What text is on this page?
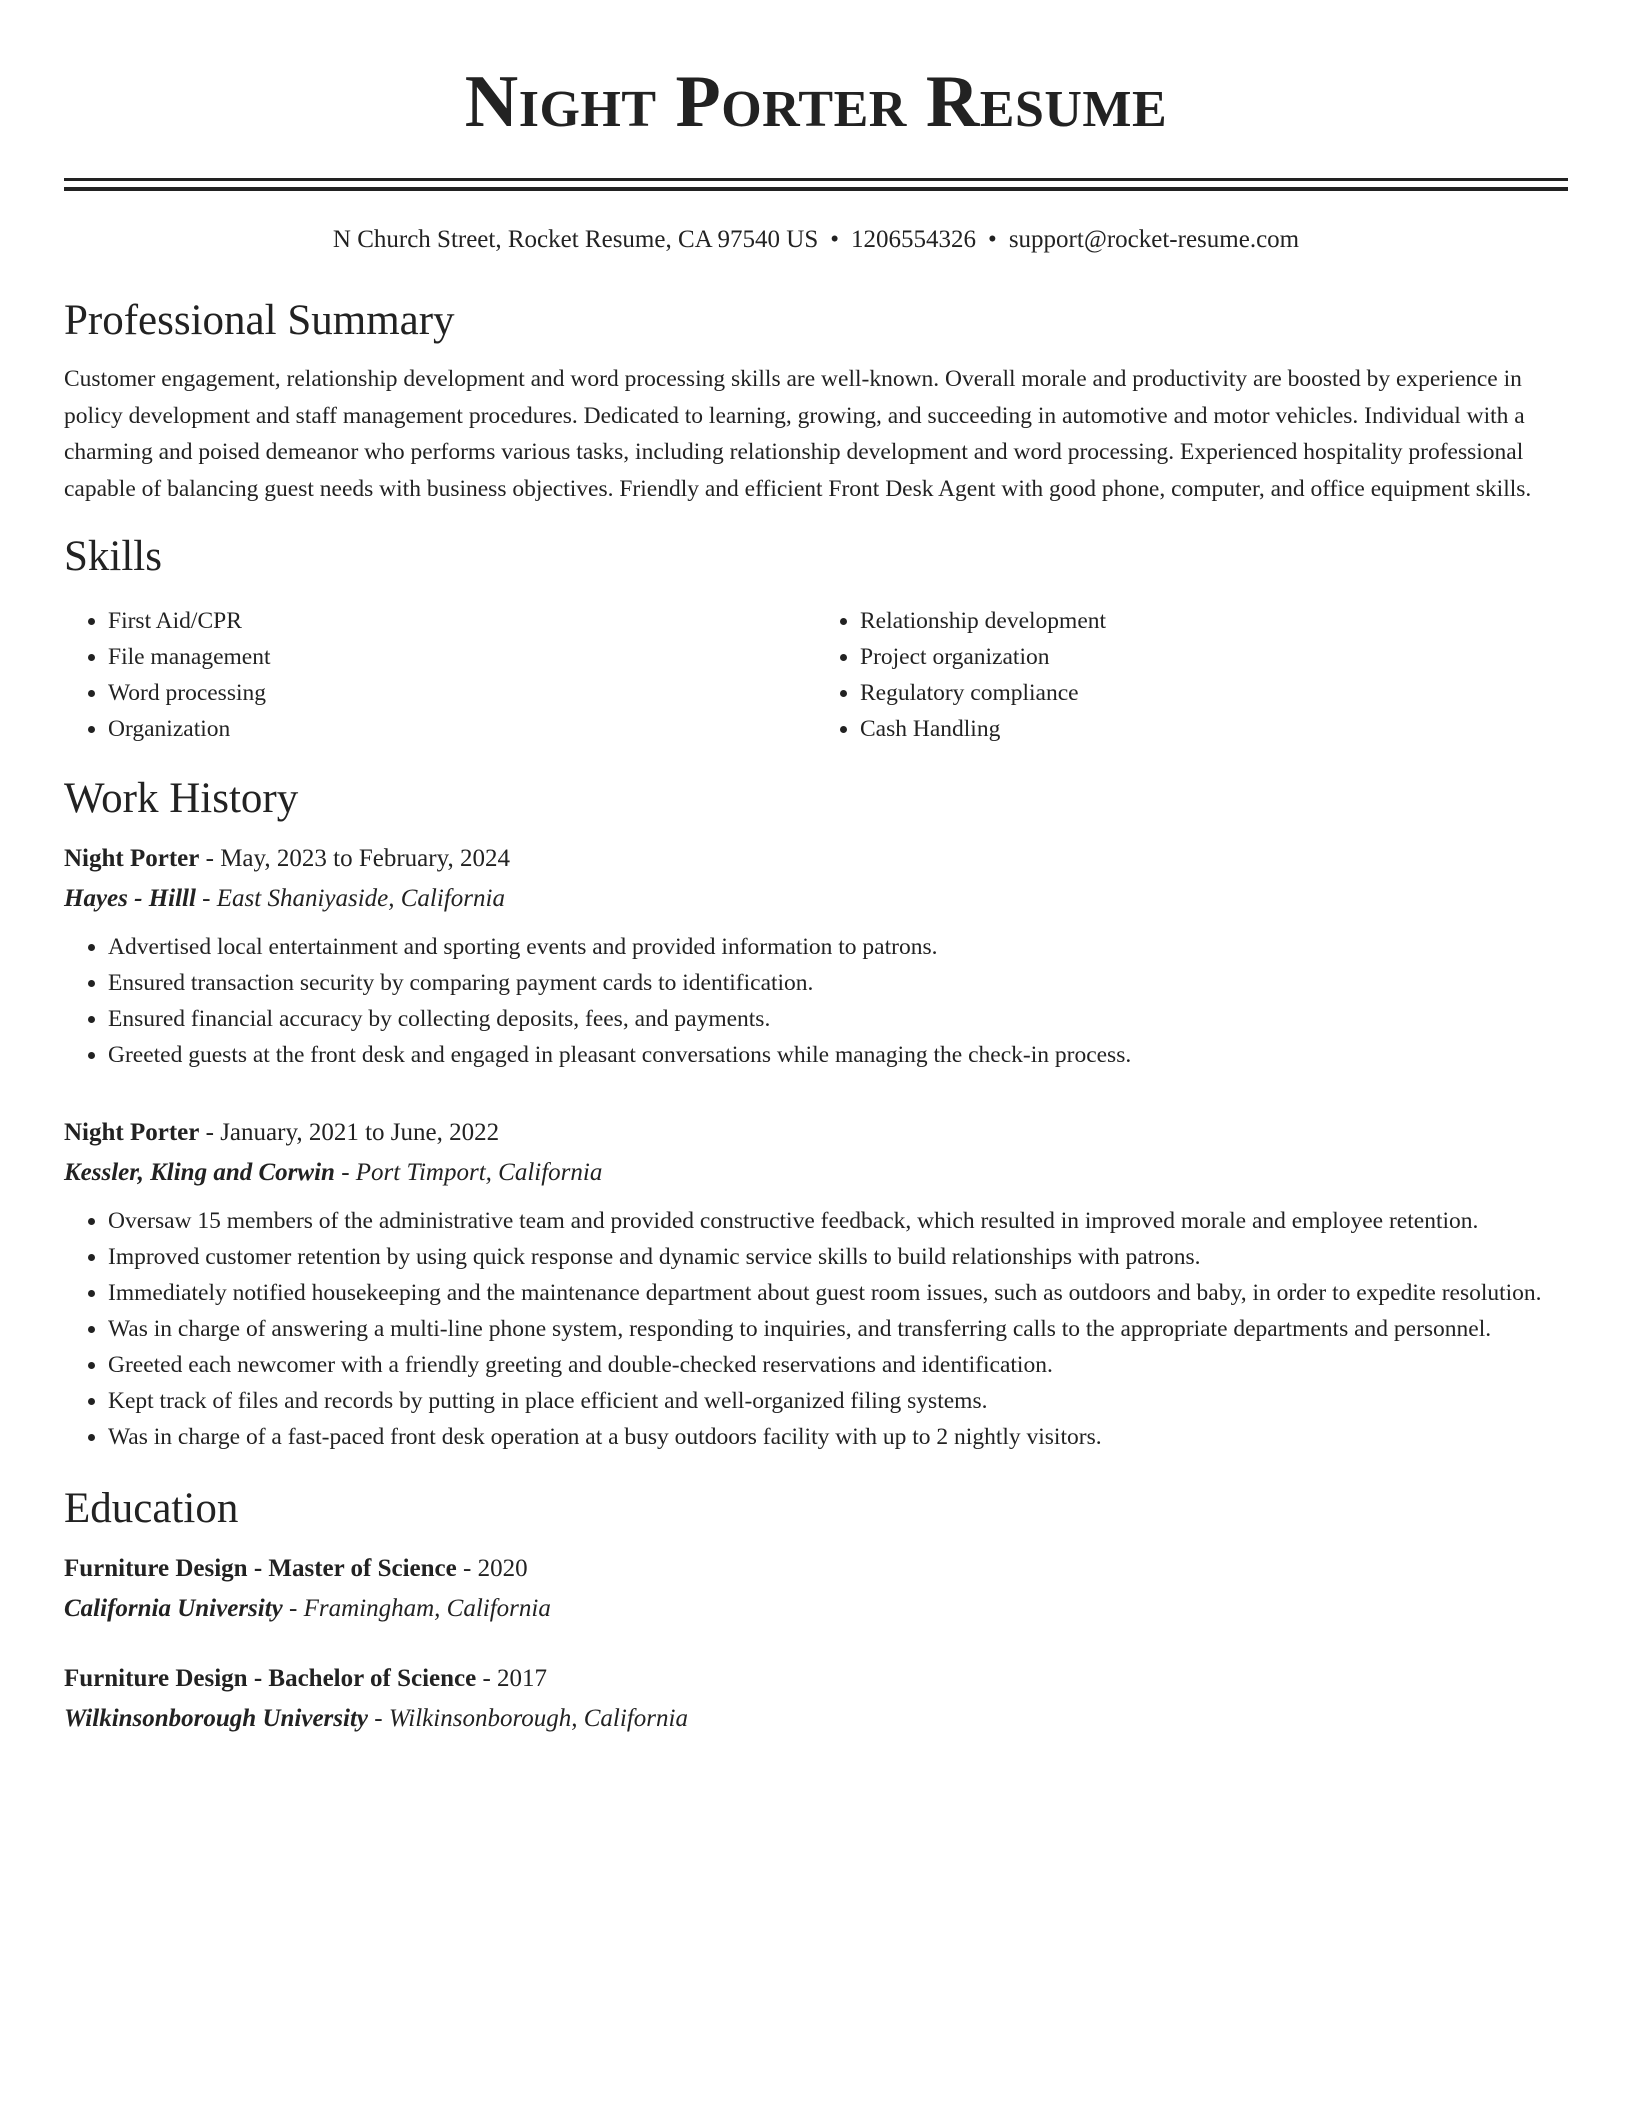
Night Porter Resume
N Church Street, Rocket Resume, CA 97540 US • 1206554326 • support@rocket-resume.com
Professional Summary

Customer engagement, relationship development and word processing skills are well-known. Overall morale and productivity are boosted by experience in policy development and staff management procedures. Dedicated to learning, growing, and succeeding in automotive and motor vehicles. Individual with a charming and poised demeanor who performs various tasks, including relationship development and word processing. Experienced hospitality professional capable of balancing guest needs with business objectives. Friendly and efficient Front Desk Agent with good phone, computer, and office equipment skills.

Skills
• First Aid/CPR
• File management
• Word processing
• Organization
• Relationship development
• Project organization
• Regulatory compliance
• Cash Handling
Work History
Night Porter - May, 2023 to February, 2024
Hayes - Hilll - East Shaniyaside, California
• Advertised local entertainment and sporting events and provided information to patrons.
• Ensured transaction security by comparing payment cards to identification.
• Ensured financial accuracy by collecting deposits, fees, and payments.
• Greeted guests at the front desk and engaged in pleasant conversations while managing the check-in process.
Night Porter - January, 2021 to June, 2022
Kessler, Kling and Corwin - Port Timport, California
• Oversaw 15 members of the administrative team and provided constructive feedback, which resulted in improved morale and employee retention.
• Improved customer retention by using quick response and dynamic service skills to build relationships with patrons.
• Immediately notified housekeeping and the maintenance department about guest room issues, such as outdoors and baby, in order to expedite resolution.
• Was in charge of answering a multi-line phone system, responding to inquiries, and transferring calls to the appropriate departments and personnel.
• Greeted each newcomer with a friendly greeting and double-checked reservations and identification.
• Kept track of files and records by putting in place efficient and well-organized filing systems.
• Was in charge of a fast-paced front desk operation at a busy outdoors facility with up to 2 nightly visitors.
Education
Furniture Design - Master of Science - 2020
California University - Framingham, California
Furniture Design - Bachelor of Science - 2017
Wilkinsonborough University - Wilkinsonborough, California
